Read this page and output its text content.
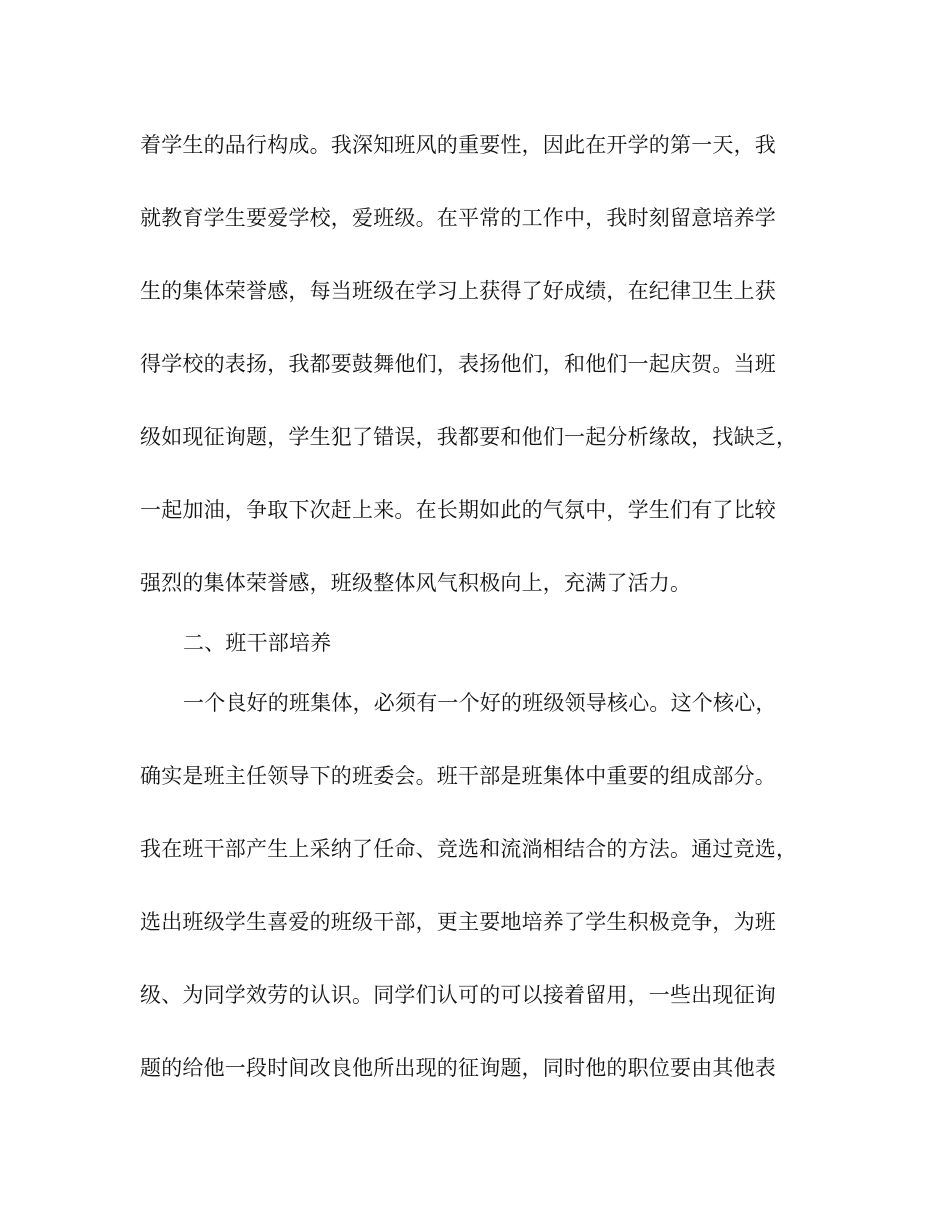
着学生的品行构成。我深知班风的重要性，因此在开学的第一天，我
就教育学生要爱学校，爱班级。在平常的工作中，我时刻留意培养学
生的集体荣誉感，每当班级在学习上获得了好成绩，在纪律卫生上获
得学校的表扬，我都要鼓舞他们，表扬他们，和他们一起庆贺。当班
级如现征询题，学生犯了错误，我都要和他们一起分析缘故，找缺乏，
一起加油，争取下次赶上来。在长期如此的气氛中，学生们有了比较
强烈的集体荣誉感，班级整体风气积极向上，充满了活力。
二、班干部培养
一个良好的班集体，必须有一个好的班级领导核心。这个核心，
确实是班主任领导下的班委会。班干部是班集体中重要的组成部分。
我在班干部产生上采纳了任命、竞选和流淌相结合的方法。通过竞选，
选出班级学生喜爱的班级干部，更主要地培养了学生积极竞争，为班
级、为同学效劳的认识。同学们认可的可以接着留用，一些出现征询
题的给他一段时间改良他所出现的征询题，同时他的职位要由其他表
